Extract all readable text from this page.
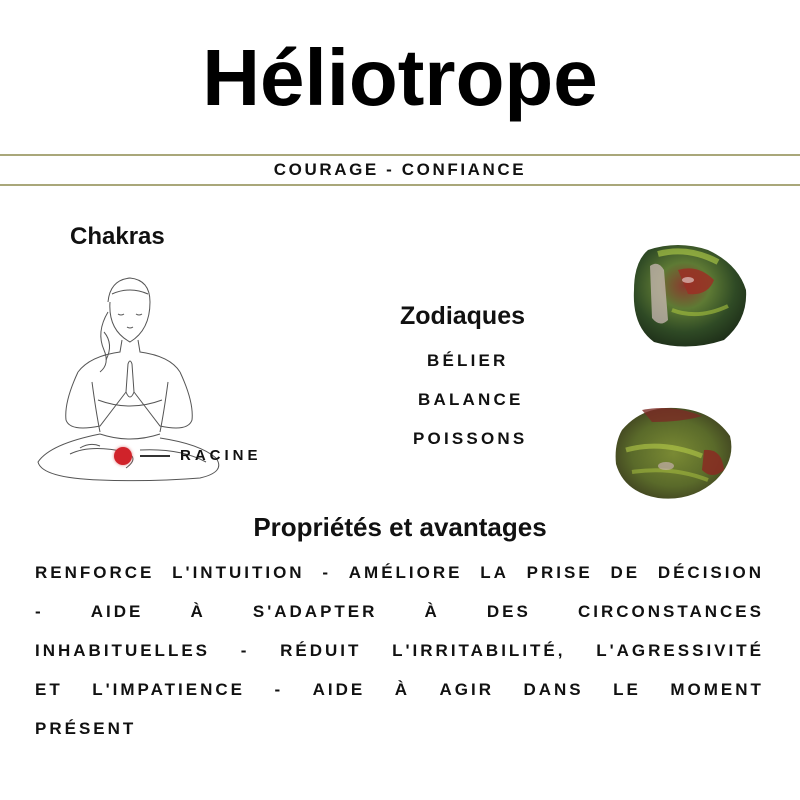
Héliotrope
COURAGE - CONFIANCE
Chakras
RACINE
Zodiaques
BÉLIER
BALANCE
POISSONS
Propriétés et avantages
RENFORCE L'INTUITION - AMÉLIORE LA PRISE DE DÉCISION
-	AIDE	À	S'ADAPTER	À	DES	CIRCONSTANCES
INHABITUELLES - RÉDUIT L'IRRITABILITÉ, L'AGRESSIVITÉ
ET L'IMPATIENCE - AIDE À AGIR DANS LE MOMENT
PRÉSENT
